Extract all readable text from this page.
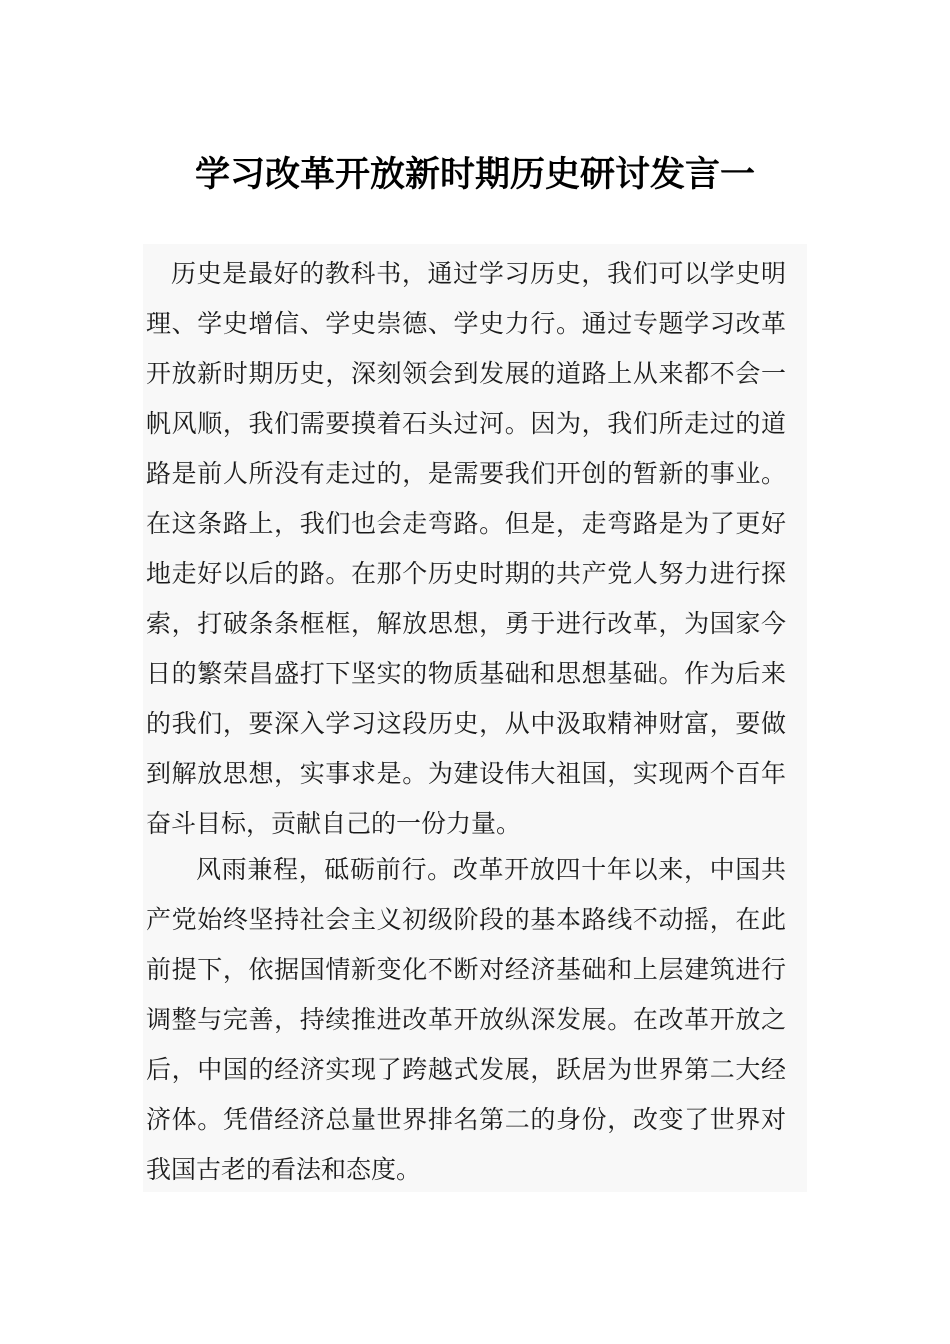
学习改革开放新时期历史研讨发言一

历史是最好的教科书，通过学习历史，我们可以学史明理、学史增信、学史崇德、学史力行。通过专题学习改革开放新时期历史，深刻领会到发展的道路上从来都不会一帆风顺，我们需要摸着石头过河。因为，我们所走过的道路是前人所没有走过的，是需要我们开创的暂新的事业。在这条路上，我们也会走弯路。但是，走弯路是为了更好地走好以后的路。在那个历史时期的共产党人努力进行探索，打破条条框框，解放思想，勇于进行改革，为国家今日的繁荣昌盛打下坚实的物质基础和思想基础。作为后来的我们，要深入学习这段历史，从中汲取精神财富，要做到解放思想，实事求是。为建设伟大祖国，实现两个百年奋斗目标，贡献自己的一份力量。

风雨兼程，砥砺前行。改革开放四十年以来，中国共产党始终坚持社会主义初级阶段的基本路线不动摇，在此前提下，依据国情新变化不断对经济基础和上层建筑进行调整与完善，持续推进改革开放纵深发展。在改革开放之后，中国的经济实现了跨越式发展，跃居为世界第二大经济体。凭借经济总量世界排名第二的身份，改变了世界对我国古老的看法和态度。
